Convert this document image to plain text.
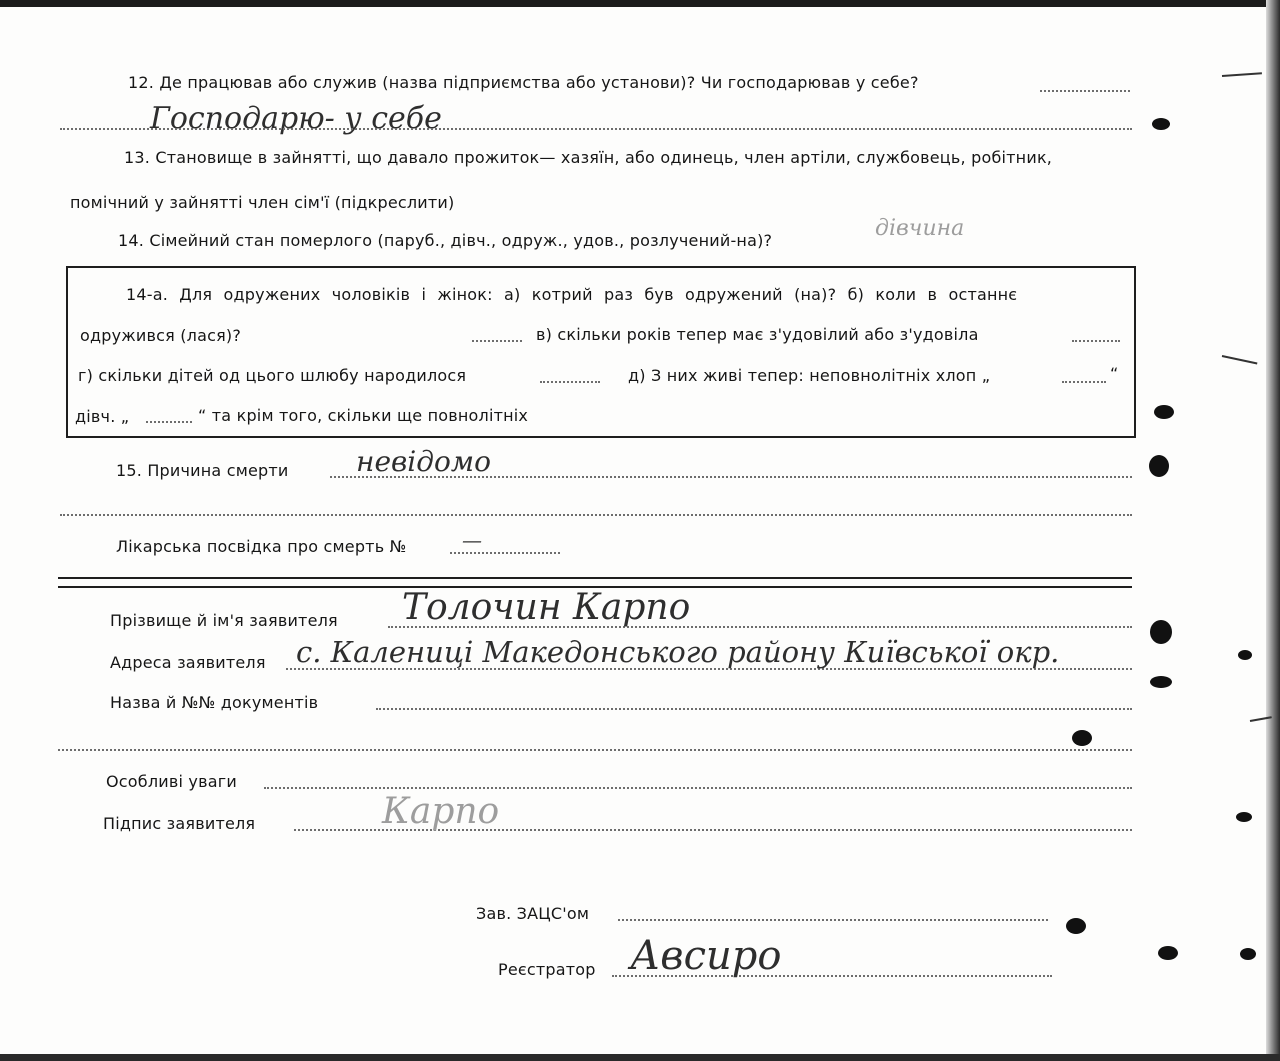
12. Де працював або служив (назва підприємства або установи)? Чи господарював у себе?
Господарю- у себе
13. Становище в зайнятті, що давало прожиток— хазяїн, або одинець, член артіли, службовець, робітник,
помічний у зайнятті член сім'ї (підкреслити)
14. Сімейний стан померлого (паруб., дівч., одруж., удов., розлучений-на)?	дівчина
14-а. Для одружених чоловіків і жінок: а) котрий раз був одружений (на)? б) коли в останнє
одружився (лася)?	в) скільки років тепер має з'удовілий або з'удовіла
г) скільки дітей од цього шлюбу народилося	д) З них живі тепер: неповнолітніх хлоп „	“
дівч. „	“ та крім того, скільки ще повнолітніх
15. Причина смерти невідомо
Лікарська посвідка про смерть №	—
Прізвище й ім'я заявителя Толочин Карпо
Адреса заявителя с. Калениці Македонського району Київської окр.
Назва й №№ документів
Особливі уваги
Підпис заявителя	Карпо
Зав. ЗАЦС'ом
Реєстратор Авсиро
